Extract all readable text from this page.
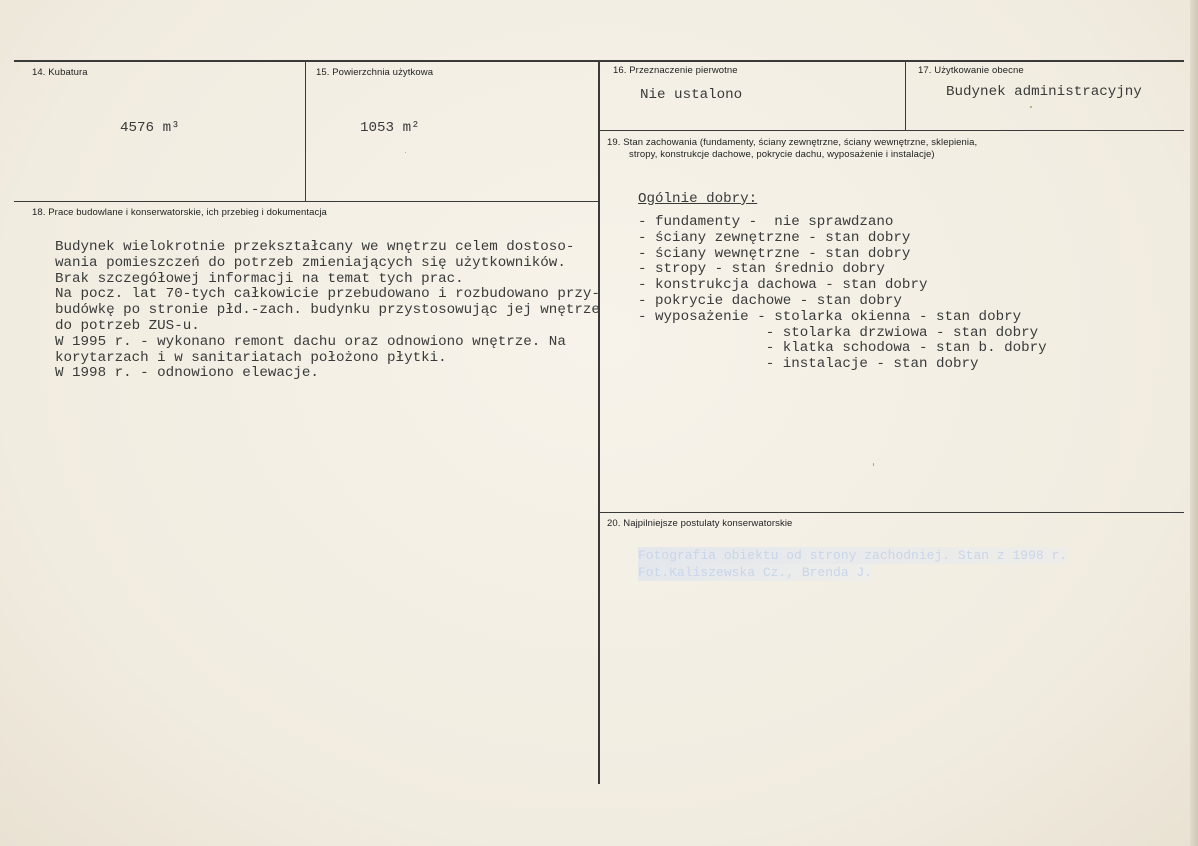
14. Kubatura
4576 m³
15. Powierzchnia użytkowa
1053 m²
16. Przeznaczenie pierwotne
Nie ustalono
17. Użytkowanie obecne
Budynek administracyjny
18. Prace budowlane i konserwatorskie, ich przebieg i dokumentacja
Budynek wielokrotnie przekształcany we wnętrzu celem dostoso-
wania pomieszczeń do potrzeb zmieniających się użytkowników.
Brak szczegółowej informacji na temat tych prac.
Na pocz. lat 70-tych całkowicie przebudowano i rozbudowano przy-
budówkę po stronie płd.-zach. budynku przystosowując jej wnętrze
do potrzeb ZUS-u.
W 1995 r. - wykonano remont dachu oraz odnowiono wnętrze. Na
korytarzach i w sanitariatach położono płytki.
W 1998 r. - odnowiono elewacje.
19. Stan zachowania (fundamenty, ściany zewnętrzne, ściany wewnętrzne, sklepienia,
stropy, konstrukcje dachowe, pokrycie dachu, wyposażenie i instalacje)
Ogólnie dobry:
- fundamenty -  nie sprawdzano
- ściany zewnętrzne - stan dobry
- ściany wewnętrzne - stan dobry
- stropy - stan średnio dobry
- konstrukcja dachowa - stan dobry
- pokrycie dachowe - stan dobry
- wyposażenie - stolarka okienna - stan dobry
- stolarka drzwiowa - stan dobry
- klatka schodowa - stan b. dobry
- instalacje - stan dobry
20. Najpilniejsze postulaty konserwatorskie
Fotografia obiektu od strony zachodniej. Stan z 1998 r.
Fot.Kaliszewska Cz., Brenda J.
